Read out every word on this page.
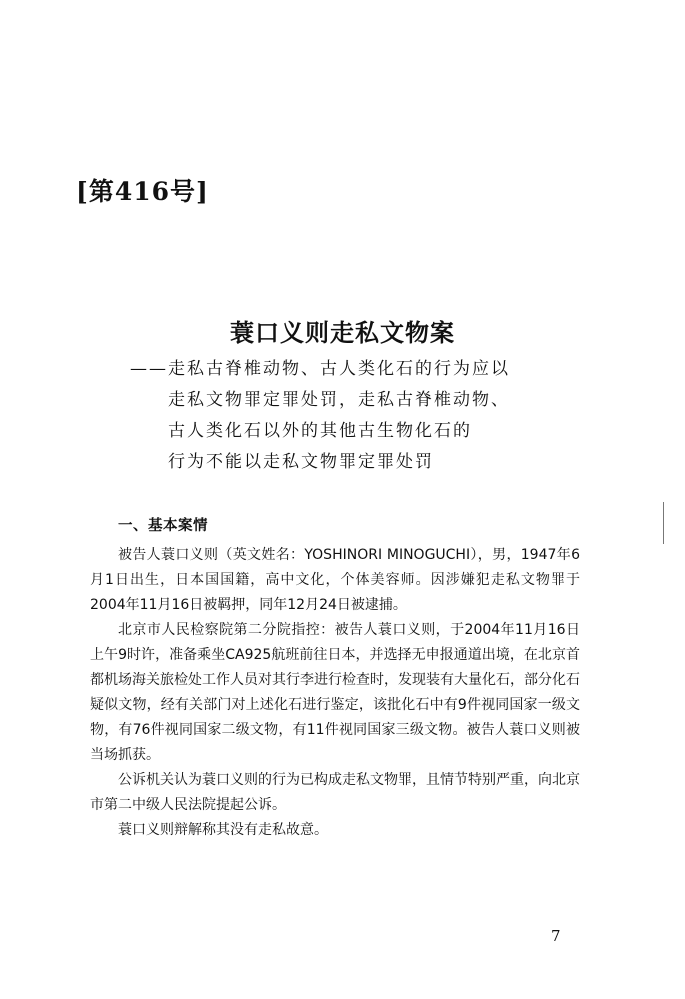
[第416号]
蓑口义则走私文物案
——走私古脊椎动物、古人类化石的行为应以
走私文物罪定罪处罚，走私古脊椎动物、
古人类化石以外的其他古生物化石的
行为不能以走私文物罪定罪处罚
一、基本案情

被告人蓑口义则（英文姓名：YOSHINORI MINOGUCHI），男，1947年6月1日出生，日本国国籍，高中文化，个体美容师。因涉嫌犯走私文物罪于2004年11月16日被羁押，同年12月24日被逮捕。

北京市人民检察院第二分院指控：被告人蓑口义则，于2004年11月16日上午9时许，准备乘坐CA925航班前往日本，并选择无申报通道出境，在北京首都机场海关旅检处工作人员对其行李进行检查时，发现装有大量化石，部分化石疑似文物，经有关部门对上述化石进行鉴定，该批化石中有9件视同国家一级文物，有76件视同国家二级文物，有11件视同国家三级文物。被告人蓑口义则被当场抓获。

公诉机关认为蓑口义则的行为已构成走私文物罪，且情节特别严重，向北京市第二中级人民法院提起公诉。

蓑口义则辩解称其没有走私故意。

7
